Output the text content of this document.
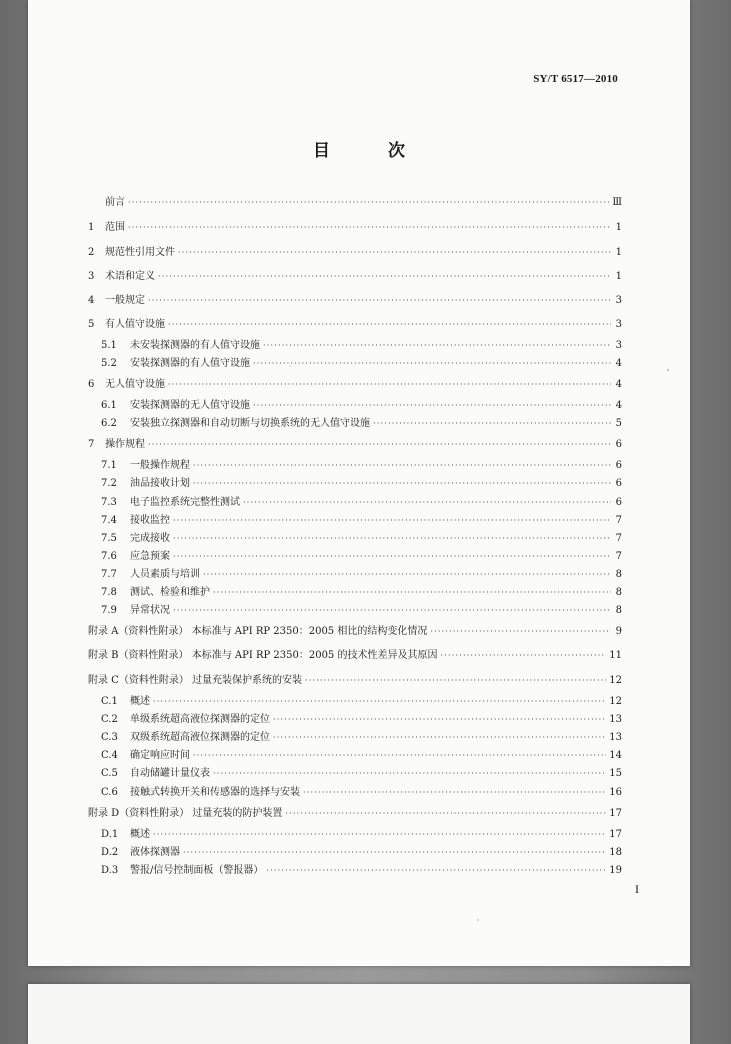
SY/T 6517—2010
目 次
前言 ·····	Ⅲ
1	范围 ·····	1
2	规范性引用文件 ·····	1
3	术语和定义 ·····	1
4	一般规定 ·····	3
5	有人值守设施 ·····	3
5.1	未安装探测器的有人值守设施 ·····	3
5.2	安装探测器的有人值守设施 ·····	4
6	无人值守设施 ·····	4
6.1	安装探测器的无人值守设施 ·····	4
6.2	安装独立探测器和自动切断与切换系统的无人值守设施 ·····	5
7	操作规程 ·····	6
7.1	一般操作规程 ·····	6
7.2	油品接收计划 ·····	6
7.3	电子监控系统完整性测试 ·····	6
7.4	接收监控 ·····	7
7.5	完成接收 ·····	7
7.6	应急预案 ·····	7
7.7	人员素质与培训 ·····	8
7.8	测试、检验和维护 ·····	8
7.9	异常状况 ·····	8
附录 A（资料性附录） 本标准与 API RP 2350：2005 相比的结构变化情况 ·····	9
附录 B（资料性附录） 本标准与 API RP 2350：2005 的技术性差异及其原因 ·····	11
附录 C（资料性附录） 过量充装保护系统的安装 ·····	12
C.1	概述 ·····	12
C.2	单级系统超高液位探测器的定位 ·····	13
C.3	双级系统超高液位探测器的定位 ·····	13
C.4	确定响应时间 ·····	14
C.5	自动储罐计量仪表 ·····	15
C.6	接触式转换开关和传感器的选择与安装 ·····	16
附录 D（资料性附录） 过量充装的防护装置 ·····	17
D.1	概述 ·····	17
D.2	液体探测器 ·····	18
D.3	警报/信号控制面板（警报器） ·····	19
I
